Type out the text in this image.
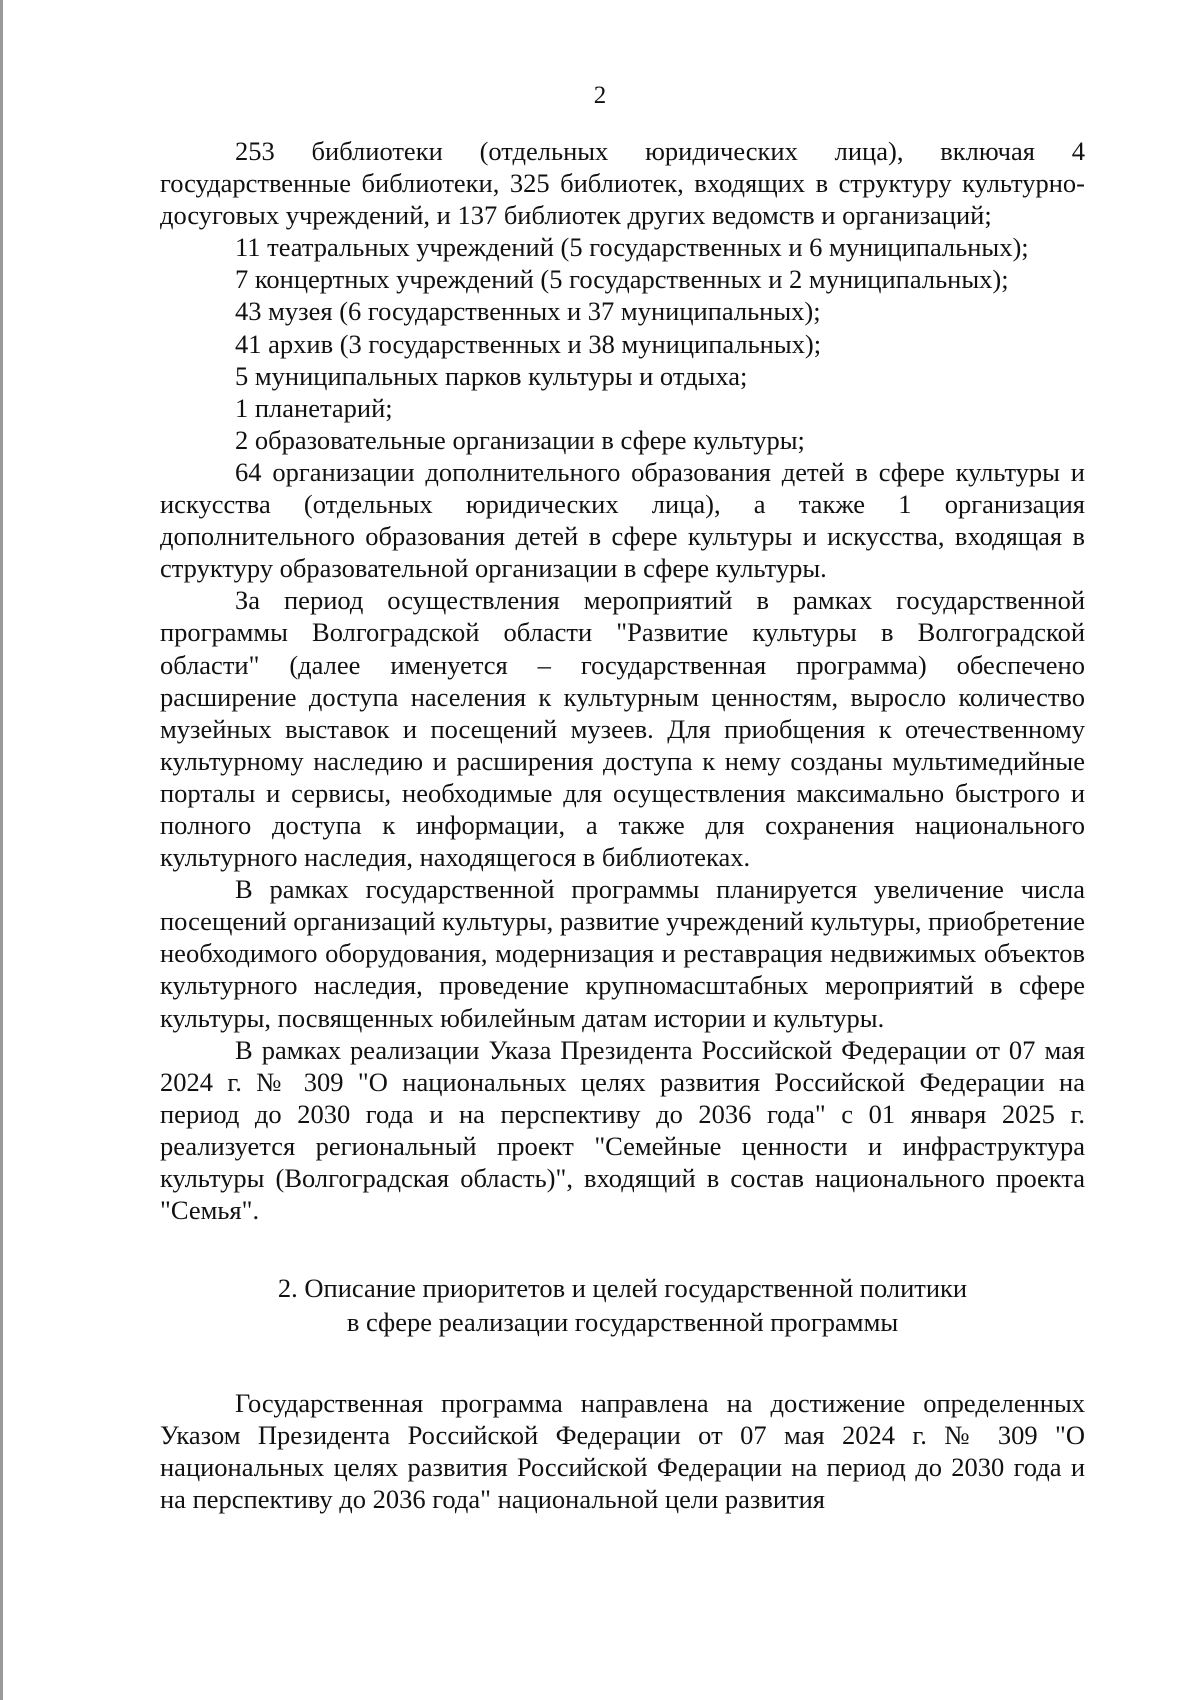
2

253 библиотеки (отдельных юридических лица), включая 4 государственные библиотеки, 325 библиотек, входящих в структуру культурно-досуговых учреждений, и 137 библиотек других ведомств и организаций;

11 театральных учреждений (5 государственных и 6 муниципальных);

7 концертных учреждений (5 государственных и 2 муниципальных);

43 музея (6 государственных и 37 муниципальных);

41 архив (3 государственных и 38 муниципальных);

5 муниципальных парков культуры и отдыха;

1 планетарий;

2 образовательные организации в сфере культуры;

64 организации дополнительного образования детей в сфере культуры и искусства (отдельных юридических лица), а также 1 организация дополнительного образования детей в сфере культуры и искусства, входящая в структуру образовательной организации в сфере культуры.

За период осуществления мероприятий в рамках государственной программы Волгоградской области "Развитие культуры в Волгоградской области" (далее именуется – государственная программа) обеспечено расширение доступа населения к культурным ценностям, выросло количество музейных выставок и посещений музеев. Для приобщения к отечественному культурному наследию и расширения доступа к нему созданы мультимедийные порталы и сервисы, необходимые для осуществления максимально быстрого и полного доступа к информации, а также для сохранения национального культурного наследия, находящегося в библиотеках.

В рамках государственной программы планируется увеличение числа посещений организаций культуры, развитие учреждений культуры, приобретение необходимого оборудования, модернизация и реставрация недвижимых объектов культурного наследия, проведение крупномасштабных мероприятий в сфере культуры, посвященных юбилейным датам истории и культуры.

В рамках реализации Указа Президента Российской Федерации от 07 мая 2024 г. № 309 "О национальных целях развития Российской Федерации на период до 2030 года и на перспективу до 2036 года" с 01 января 2025 г. реализуется региональный проект "Семейные ценности и инфраструктура культуры (Волгоградская область)", входящий в состав национального проекта "Семья".

2. Описание приоритетов и целей государственной политики
в сфере реализации государственной программы

Государственная программа направлена на достижение определенных Указом Президента Российской Федерации от 07 мая 2024 г. № 309 "О национальных целях развития Российской Федерации на период до 2030 года и на перспективу до 2036 года" национальной цели развития
